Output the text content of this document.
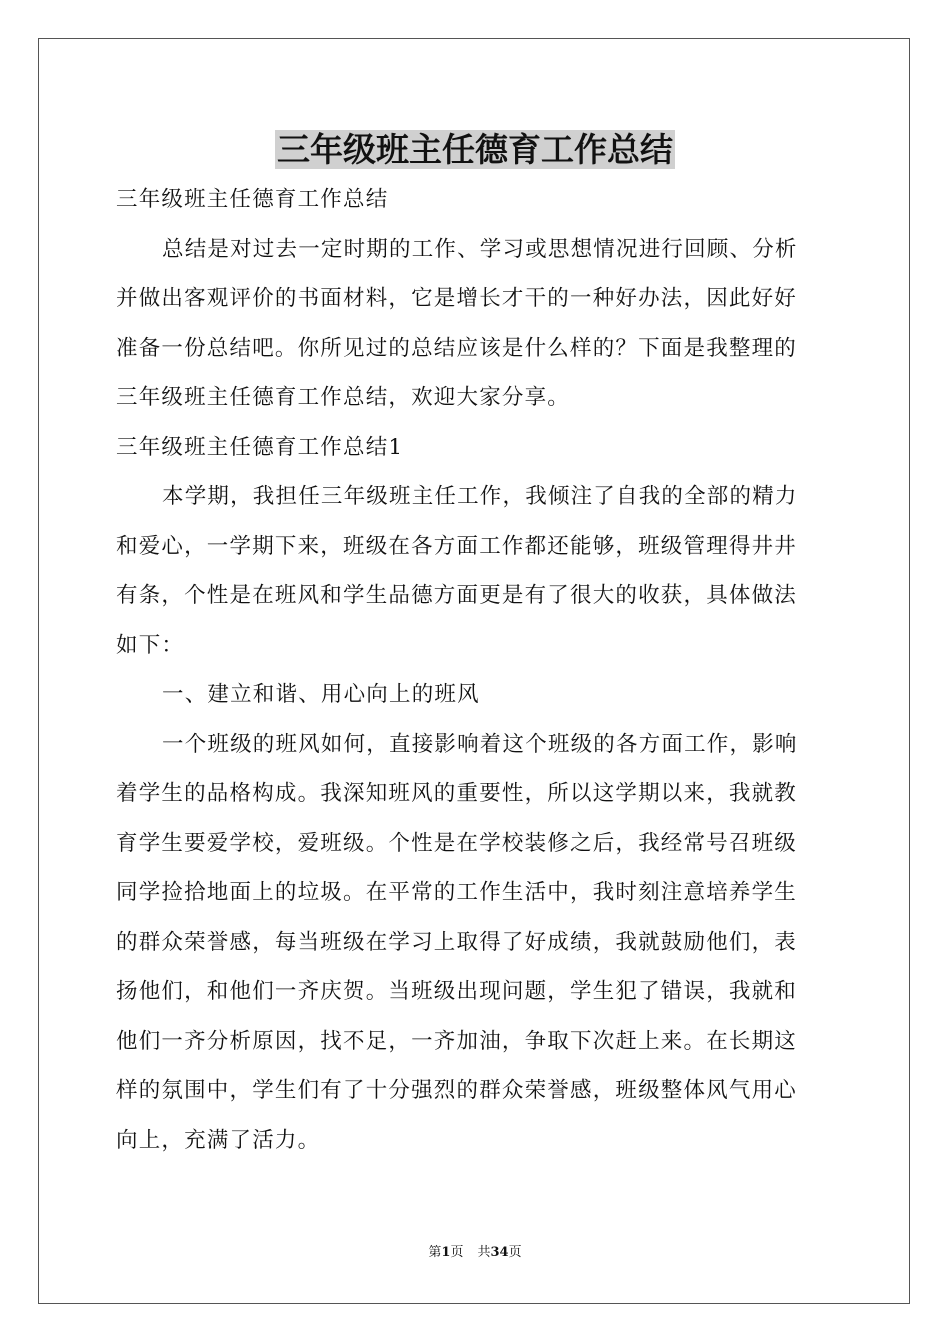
三年级班主任德育工作总结

三年级班主任德育工作总结

总结是对过去一定时期的工作、学习或思想情况进行回顾、分析

并做出客观评价的书面材料，它是增长才干的一种好办法，因此好好

准备一份总结吧。你所见过的总结应该是什么样的？下面是我整理的

三年级班主任德育工作总结，欢迎大家分享。

三年级班主任德育工作总结1

本学期，我担任三年级班主任工作，我倾注了自我的全部的精力

和爱心，一学期下来，班级在各方面工作都还能够，班级管理得井井

有条，个性是在班风和学生品德方面更是有了很大的收获，具体做法

如下：

一、建立和谐、用心向上的班风

一个班级的班风如何，直接影响着这个班级的各方面工作，影响

着学生的品格构成。我深知班风的重要性，所以这学期以来，我就教

育学生要爱学校，爱班级。个性是在学校装修之后，我经常号召班级

同学捡拾地面上的垃圾。在平常的工作生活中，我时刻注意培养学生

的群众荣誉感，每当班级在学习上取得了好成绩，我就鼓励他们，表

扬他们，和他们一齐庆贺。当班级出现问题，学生犯了错误，我就和

他们一齐分析原因，找不足，一齐加油，争取下次赶上来。在长期这

样的氛围中，学生们有了十分强烈的群众荣誉感，班级整体风气用心

向上，充满了活力。

第1页 共34页
